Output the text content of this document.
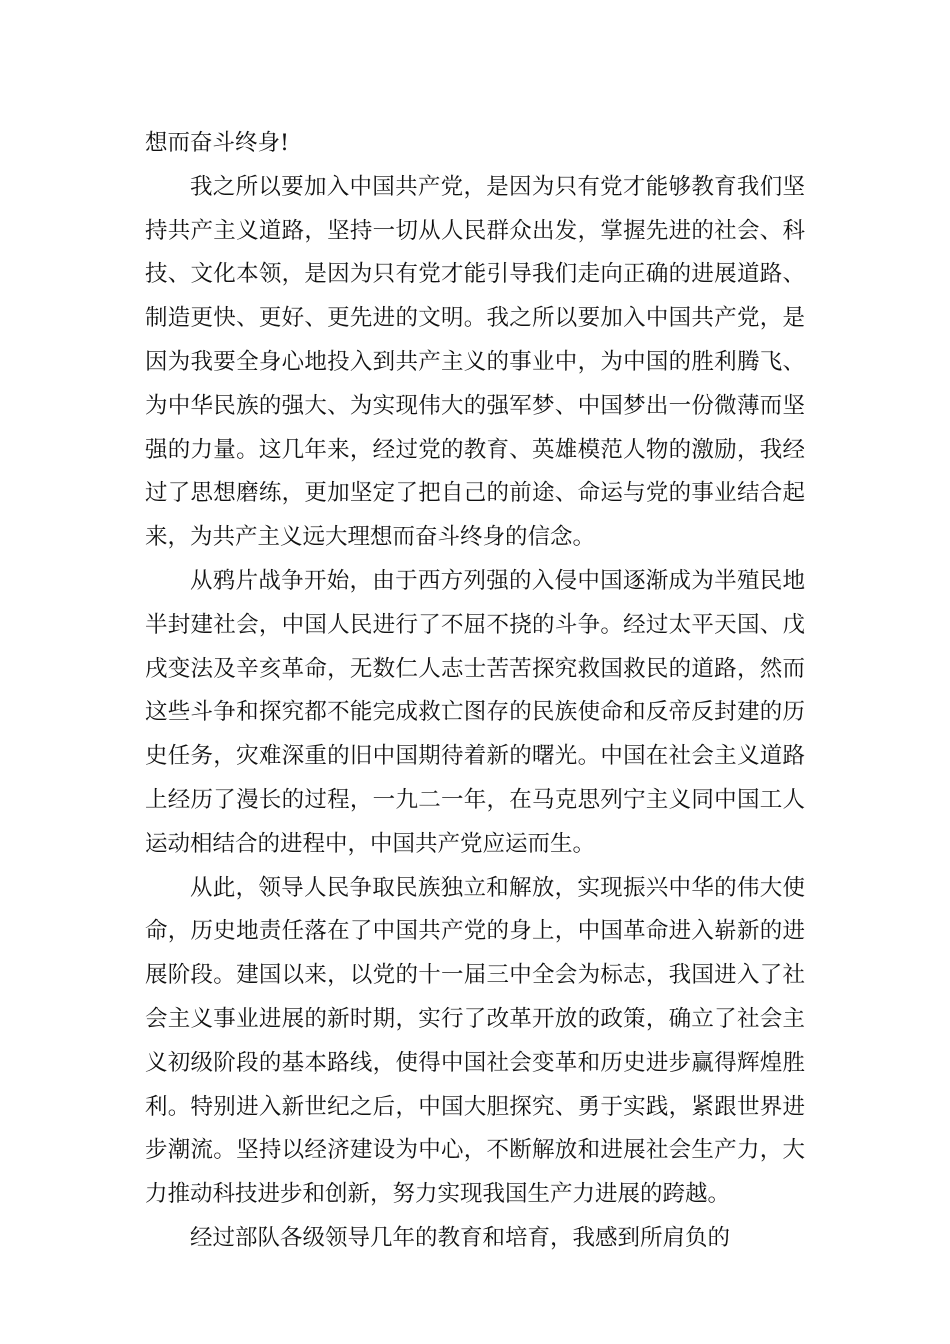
想而奋斗终身!

我之所以要加入中国共产党，是因为只有党才能够教育我们坚持共产主义道路，坚持一切从人民群众出发，掌握先进的社会、科技、文化本领，是因为只有党才能引导我们走向正确的进展道路、制造更快、更好、更先进的文明。我之所以要加入中国共产党，是因为我要全身心地投入到共产主义的事业中，为中国的胜利腾飞、为中华民族的强大、为实现伟大的强军梦、中国梦出一份微薄而坚强的力量。这几年来，经过党的教育、英雄模范人物的激励，我经过了思想磨练，更加坚定了把自己的前途、命运与党的事业结合起来，为共产主义远大理想而奋斗终身的信念。

从鸦片战争开始，由于西方列强的入侵中国逐渐成为半殖民地半封建社会，中国人民进行了不屈不挠的斗争。经过太平天国、戊戌变法及辛亥革命，无数仁人志士苦苦探究救国救民的道路，然而这些斗争和探究都不能完成救亡图存的民族使命和反帝反封建的历史任务，灾难深重的旧中国期待着新的曙光。中国在社会主义道路上经历了漫长的过程，一九二一年，在马克思列宁主义同中国工人运动相结合的进程中，中国共产党应运而生。

从此，领导人民争取民族独立和解放，实现振兴中华的伟大使命，历史地责任落在了中国共产党的身上，中国革命进入崭新的进展阶段。建国以来，以党的十一届三中全会为标志，我国进入了社会主义事业进展的新时期，实行了改革开放的政策，确立了社会主义初级阶段的基本路线，使得中国社会变革和历史进步赢得辉煌胜利。特别进入新世纪之后，中国大胆探究、勇于实践，紧跟世界进步潮流。坚持以经济建设为中心，不断解放和进展社会生产力，大力推动科技进步和创新，努力实现我国生产力进展的跨越。

经过部队各级领导几年的教育和培育，我感到所肩负的
